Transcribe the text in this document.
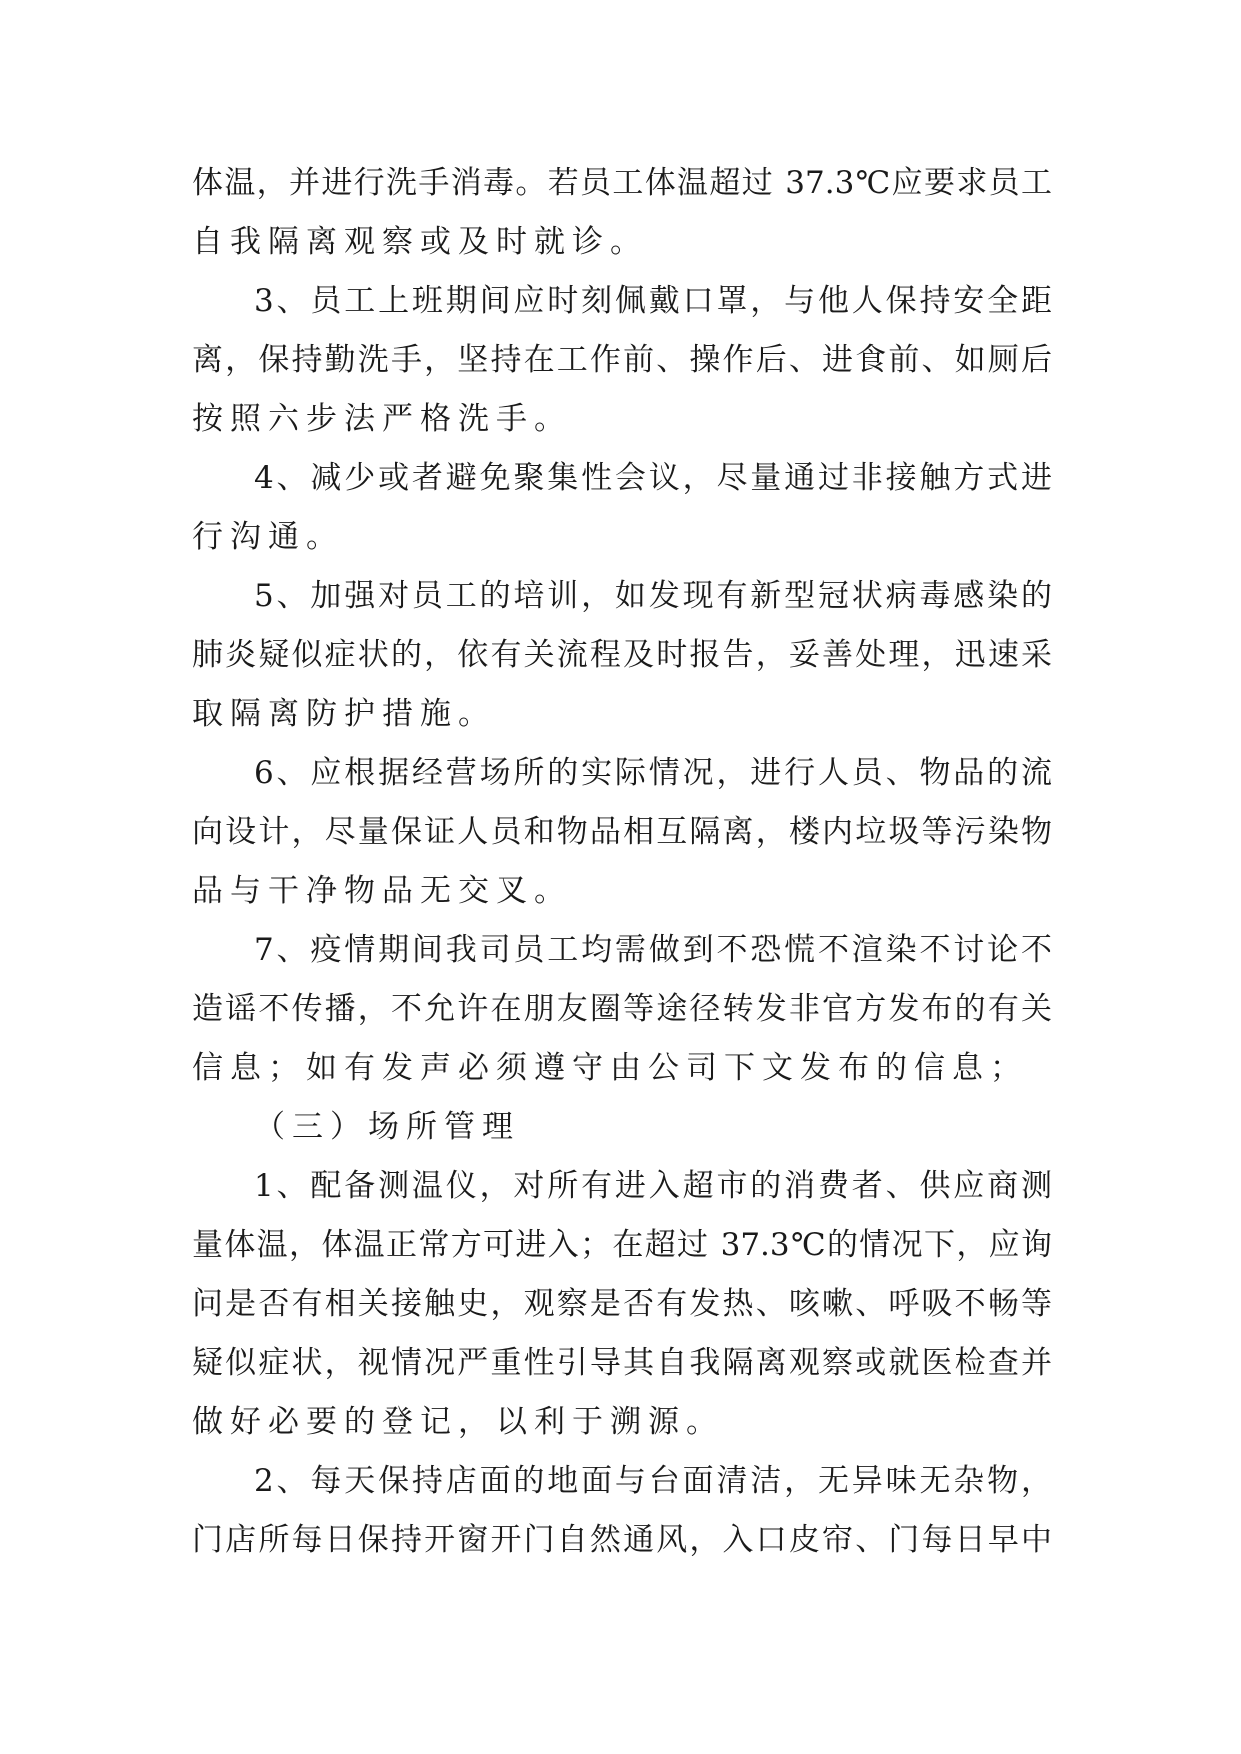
体温，并进行洗手消毒。若员工体温超过 37.3℃应要求员工
自我隔离观察或及时就诊。
3、员工上班期间应时刻佩戴口罩，与他人保持安全距
离，保持勤洗手，坚持在工作前、操作后、进食前、如厕后
按照六步法严格洗手。
4、减少或者避免聚集性会议，尽量通过非接触方式进
行沟通。
5、加强对员工的培训，如发现有新型冠状病毒感染的
肺炎疑似症状的，依有关流程及时报告，妥善处理，迅速采
取隔离防护措施。
6、应根据经营场所的实际情况，进行人员、物品的流
向设计，尽量保证人员和物品相互隔离，楼内垃圾等污染物
品与干净物品无交叉。
7、疫情期间我司员工均需做到不恐慌不渲染不讨论不
造谣不传播，不允许在朋友圈等途径转发非官方发布的有关
信息；如有发声必须遵守由公司下文发布的信息；
（三）场所管理
1、配备测温仪，对所有进入超市的消费者、供应商测
量体温，体温正常方可进入；在超过 37.3℃的情况下，应询
问是否有相关接触史，观察是否有发热、咳嗽、呼吸不畅等
疑似症状，视情况严重性引导其自我隔离观察或就医检查并
做好必要的登记，以利于溯源。
2、每天保持店面的地面与台面清洁，无异味无杂物，
门店所每日保持开窗开门自然通风，入口皮帘、门每日早中
